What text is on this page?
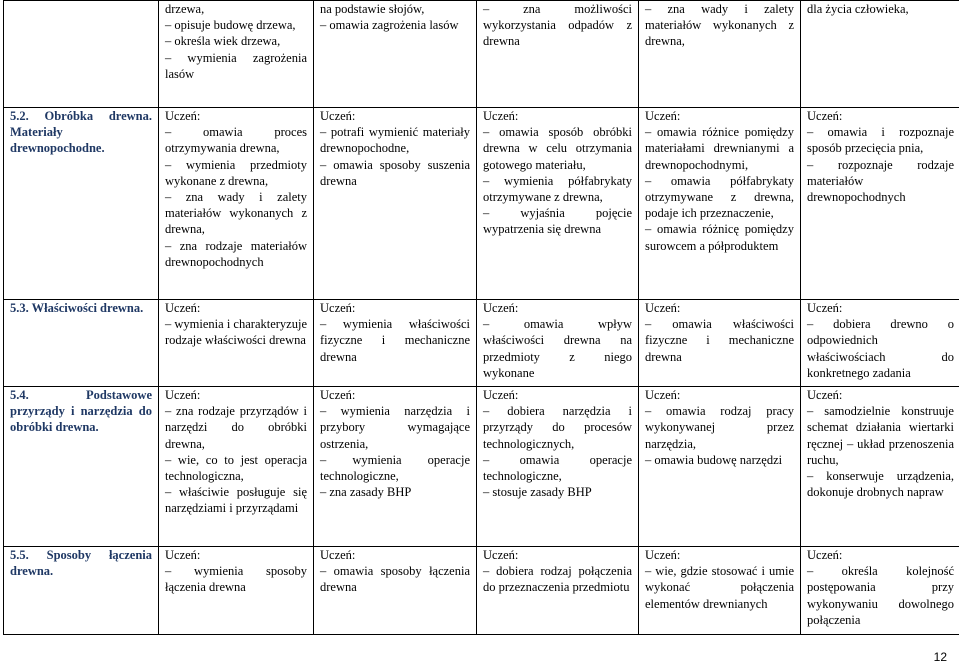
	drzewa,
– opisuje budowę drzewa,
– określa wiek drzewa,
– wymienia zagrożenia lasów	na podstawie słojów,
– omawia zagrożenia lasów	– zna możliwości wykorzystania odpadów z drewna	– zna wady i zalety materiałów wykonanych z drewna,	dla życia człowieka,

5.2. Obróbka drewna. Materiały drewnopochodne.	Uczeń:
– omawia proces otrzymywania drewna,
– wymienia przedmioty wykonane z drewna,
– zna wady i zalety materiałów wykonanych z drewna,
– zna rodzaje materiałów drewnopochodnych	Uczeń:
– potrafi wymienić materiały drewnopochodne,
– omawia sposoby suszenia drewna	Uczeń:
– omawia sposób obróbki drewna w celu otrzymania gotowego materiału,
– wymienia półfabrykaty otrzymywane z drewna,
– wyjaśnia pojęcie wypatrzenia się drewna	Uczeń:
– omawia różnice pomiędzy materiałami drewnianymi a drewnopochodnymi,
– omawia półfabrykaty otrzymywane z drewna, podaje ich przeznaczenie,
– omawia różnicę pomiędzy surowcem a półproduktem	Uczeń:
– omawia i rozpoznaje sposób przecięcia pnia,
– rozpoznaje rodzaje materiałów drewnopochodnych

5.3. Właściwości drewna.	Uczeń:
– wymienia i charakteryzuje rodzaje właściwości drewna	Uczeń:
– wymienia właściwości fizyczne i mechaniczne drewna	Uczeń:
– omawia wpływ właściwości drewna na przedmioty z niego wykonane	Uczeń:
– omawia właściwości fizyczne i mechaniczne drewna	Uczeń:
– dobiera drewno o odpowiednich właściwościach do konkretnego zadania

5.4. Podstawowe przyrządy i narzędzia do obróbki drewna.	Uczeń:
– zna rodzaje przyrządów i narzędzi do obróbki drewna,
– wie, co to jest operacja technologiczna,
– właściwie posługuje się narzędziami i przyrządami	Uczeń:
– wymienia narzędzia i przybory wymagające ostrzenia,
– wymienia operacje technologiczne,
– zna zasady BHP	Uczeń:
– dobiera narzędzia i przyrządy do procesów technologicznych,
– omawia operacje technologiczne,
– stosuje zasady BHP	Uczeń:
– omawia rodzaj pracy wykonywanej przez narzędzia,
– omawia budowę narzędzi	Uczeń:
– samodzielnie konstruuje schemat działania wiertarki ręcznej – układ przenoszenia ruchu,
– konserwuje urządzenia, dokonuje drobnych napraw

5.5. Sposoby łączenia drewna.	Uczeń:
– wymienia sposoby łączenia drewna	Uczeń:
– omawia sposoby łączenia drewna	Uczeń:
– dobiera rodzaj połączenia do przeznaczenia przedmiotu	Uczeń:
– wie, gdzie stosować i umie wykonać połączenia elementów drewnianych	Uczeń:
– określa kolejność postępowania przy wykonywaniu dowolnego połączenia
12
